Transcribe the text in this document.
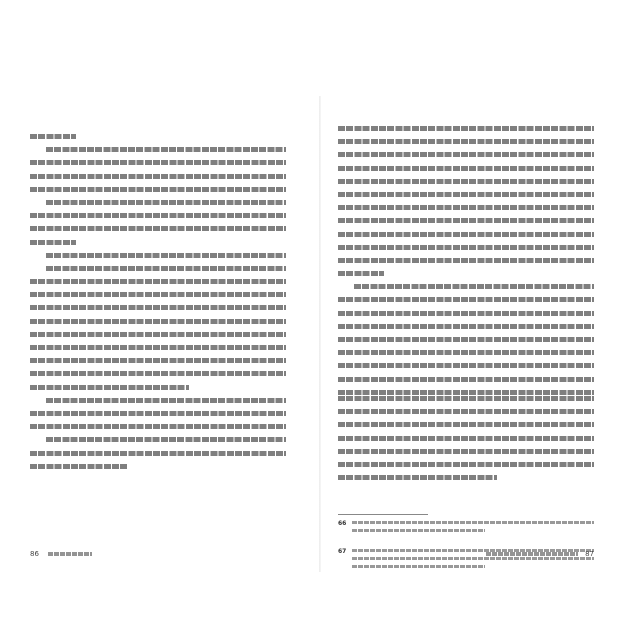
86
66
67	87
